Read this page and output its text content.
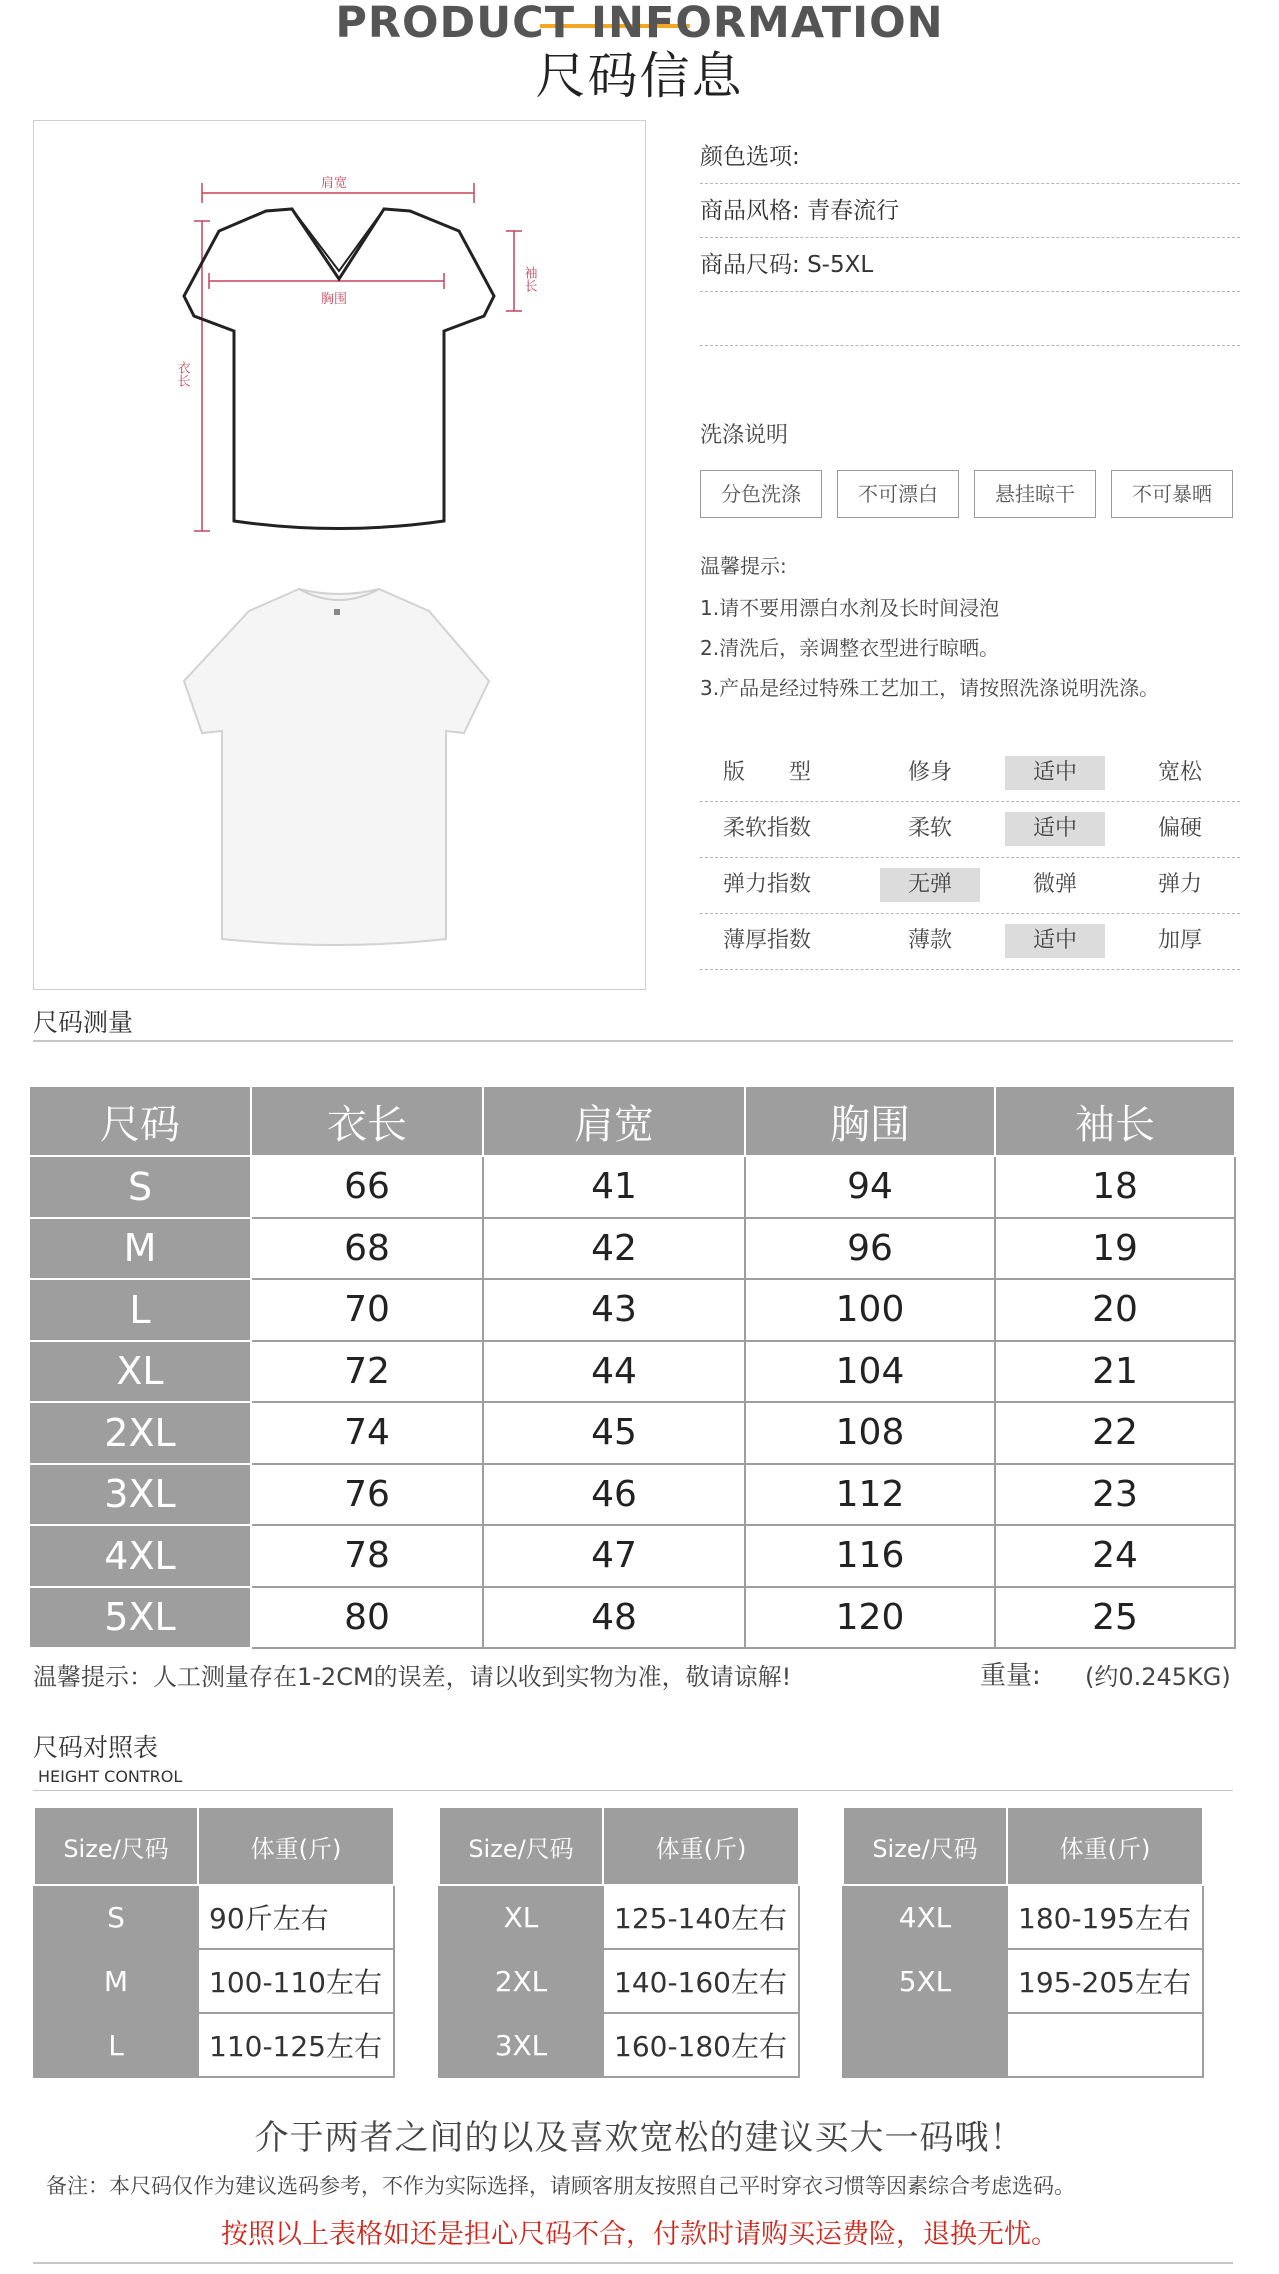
PRODUCT INFORMATION
尺码信息
肩宽
胸围
袖长
衣长
颜色选项:
商品风格: 青春流行
商品尺码: S-5XL
洗涤说明
分色洗涤	不可漂白	悬挂晾干	不可暴晒
温馨提示:
1.请不要用漂白水剂及长时间浸泡
2.清洗后，亲调整衣型进行晾晒。
3.产品是经过特殊工艺加工，请按照洗涤说明洗涤。
版　　型	修身	适中	宽松
柔软指数	柔软	适中	偏硬
弹力指数	无弹	微弹	弹力
薄厚指数	薄款	适中	加厚
尺码测量
尺码	衣长	肩宽	胸围	袖长
S	66	41	94	18
M	68	42	96	19
L	70	43	100	20
XL	72	44	104	21
2XL	74	45	108	22
3XL	76	46	112	23
4XL	78	47	116	24
5XL	80	48	120	25
温馨提示：人工测量存在1-2CM的误差，请以收到实物为准，敬请谅解!	重量: (约0.245KG)
尺码对照表
HEIGHT CONTROL
Size/尺码	体重(斤)
S	90斤左右
M	100-110左右
L	110-125左右
Size/尺码	体重(斤)
XL	125-140左右
2XL	140-160左右
3XL	160-180左右
Size/尺码	体重(斤)
4XL	180-195左右
5XL	195-205左右

介于两者之间的以及喜欢宽松的建议买大一码哦！
备注：本尺码仅作为建议选码参考，不作为实际选择，请顾客朋友按照自己平时穿衣习惯等因素综合考虑选码。
按照以上表格如还是担心尺码不合，付款时请购买运费险，退换无忧。
